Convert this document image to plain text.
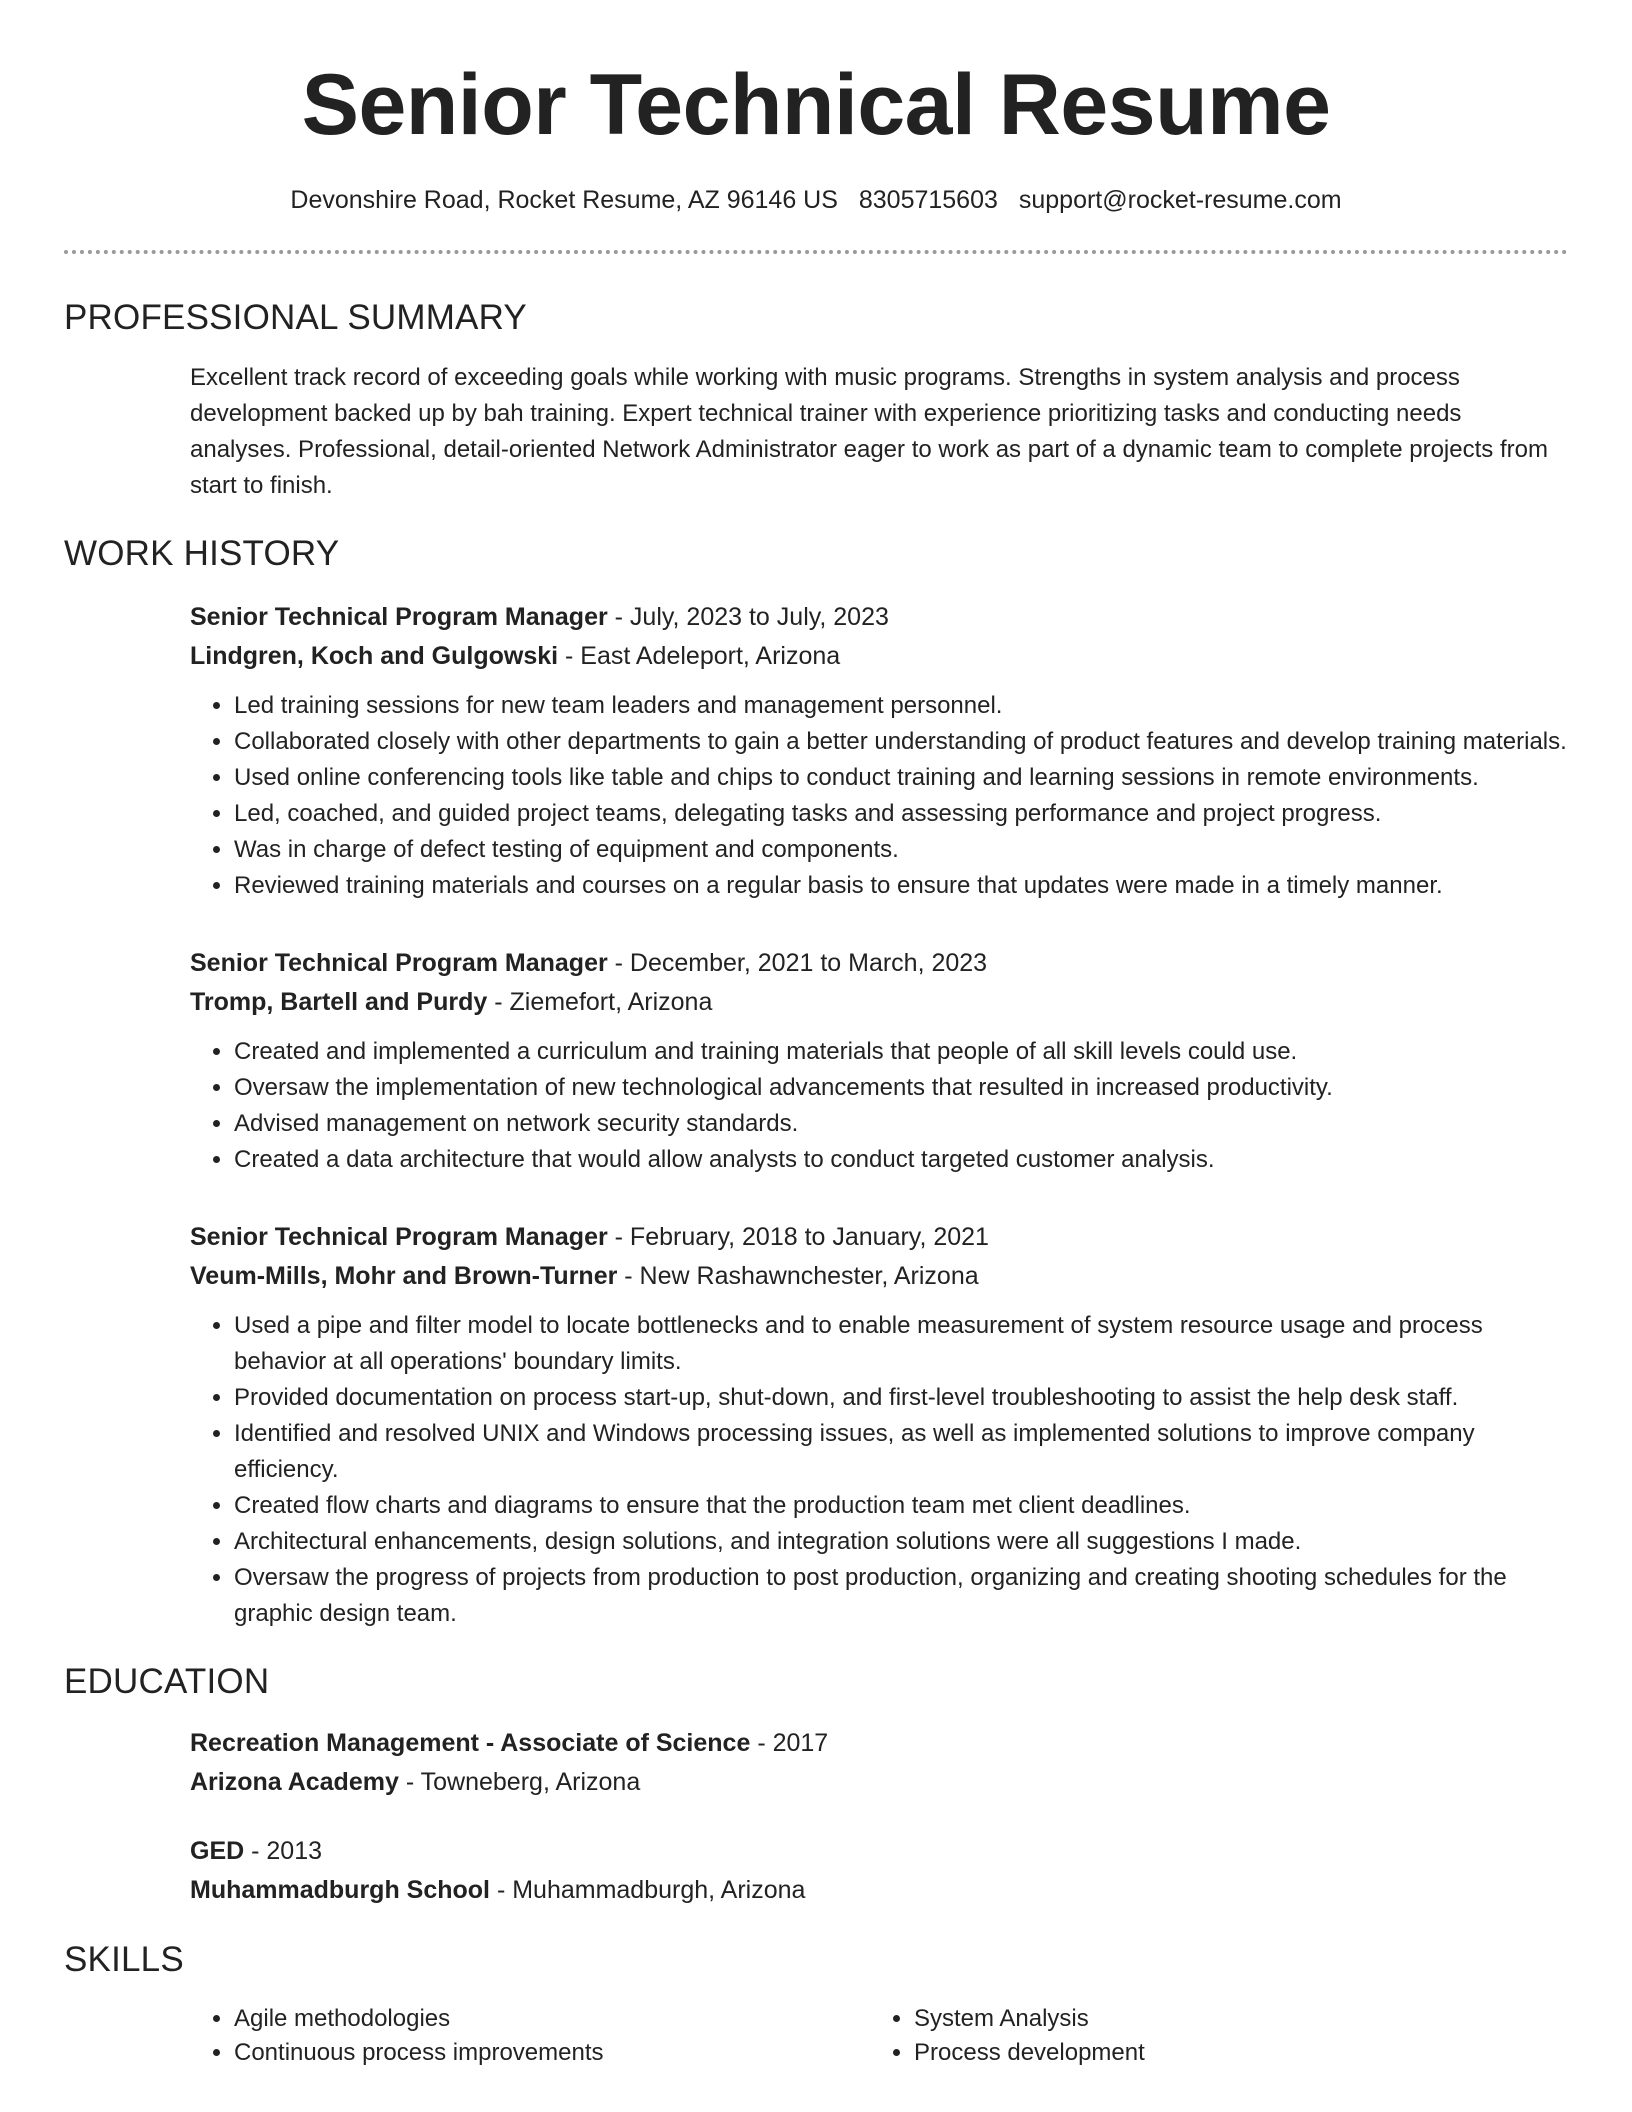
Senior Technical Resume
Devonshire Road, Rocket Resume, AZ 96146 US 8305715603 support@rocket-resume.com
PROFESSIONAL SUMMARY
Excellent track record of exceeding goals while working with music programs. Strengths in system analysis and process development backed up by bah training. Expert technical trainer with experience prioritizing tasks and conducting needs analyses. Professional, detail-oriented Network Administrator eager to work as part of a dynamic team to complete projects from start to finish.
WORK HISTORY
Senior Technical Program Manager - July, 2023 to July, 2023
Lindgren, Koch and Gulgowski - East Adeleport, Arizona
• Led training sessions for new team leaders and management personnel.
• Collaborated closely with other departments to gain a better understanding of product features and develop training materials.
• Used online conferencing tools like table and chips to conduct training and learning sessions in remote environments.
• Led, coached, and guided project teams, delegating tasks and assessing performance and project progress.
• Was in charge of defect testing of equipment and components.
• Reviewed training materials and courses on a regular basis to ensure that updates were made in a timely manner.
Senior Technical Program Manager - December, 2021 to March, 2023
Tromp, Bartell and Purdy - Ziemefort, Arizona
• Created and implemented a curriculum and training materials that people of all skill levels could use.
• Oversaw the implementation of new technological advancements that resulted in increased productivity.
• Advised management on network security standards.
• Created a data architecture that would allow analysts to conduct targeted customer analysis.
Senior Technical Program Manager - February, 2018 to January, 2021
Veum-Mills, Mohr and Brown-Turner - New Rashawnchester, Arizona
• Used a pipe and filter model to locate bottlenecks and to enable measurement of system resource usage and process behavior at all operations' boundary limits.
• Provided documentation on process start-up, shut-down, and first-level troubleshooting to assist the help desk staff.
• Identified and resolved UNIX and Windows processing issues, as well as implemented solutions to improve company efficiency.
• Created flow charts and diagrams to ensure that the production team met client deadlines.
• Architectural enhancements, design solutions, and integration solutions were all suggestions I made.
• Oversaw the progress of projects from production to post production, organizing and creating shooting schedules for the graphic design team.
EDUCATION
Recreation Management - Associate of Science - 2017
Arizona Academy - Towneberg, Arizona
GED - 2013
Muhammadburgh School - Muhammadburgh, Arizona
SKILLS
• Agile methodologies
• Continuous process improvements
• System Analysis
• Process development
